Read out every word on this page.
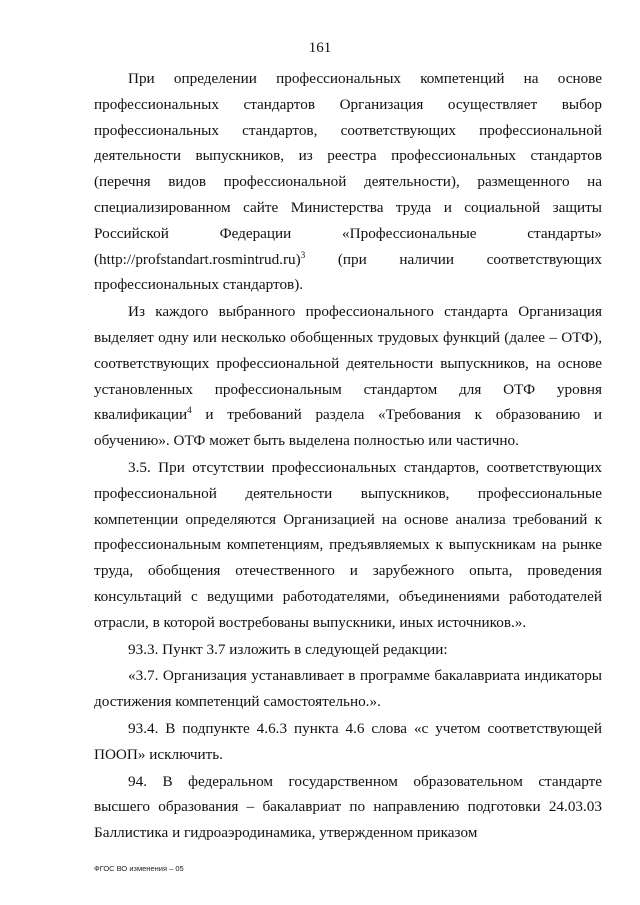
161

При определении профессиональных компетенций на основе профессиональных стандартов Организация осуществляет выбор профессиональных стандартов, соответствующих профессиональной деятельности выпускников, из реестра профессиональных стандартов (перечня видов профессиональной деятельности), размещенного на специализированном сайте Министерства труда и социальной защиты Российской Федерации «Профессиональные стандарты» (http://profstandart.rosmintrud.ru)$^3$ (при наличии соответствующих профессиональных стандартов).

Из каждого выбранного профессионального стандарта Организация выделяет одну или несколько обобщенных трудовых функций (далее – ОТФ), соответствующих профессиональной деятельности выпускников, на основе установленных профессиональным стандартом для ОТФ уровня квалификации$^4$ и требований раздела «Требования к образованию и обучению». ОТФ может быть выделена полностью или частично.

3.5. При отсутствии профессиональных стандартов, соответствующих профессиональной деятельности выпускников, профессиональные компетенции определяются Организацией на основе анализа требований к профессиональным компетенциям, предъявляемых к выпускникам на рынке труда, обобщения отечественного и зарубежного опыта, проведения консультаций с ведущими работодателями, объединениями работодателей отрасли, в которой востребованы выпускники, иных источников.».

93.3. Пункт 3.7 изложить в следующей редакции:

«3.7. Организация устанавливает в программе бакалавриата индикаторы достижения компетенций самостоятельно.».

93.4. В подпункте 4.6.3 пункта 4.6 слова «с учетом соответствующей ПООП» исключить.

94. В федеральном государственном образовательном стандарте высшего образования – бакалавриат по направлению подготовки 24.03.03 Баллистика и гидроаэродинамика, утвержденном приказом

ФГОС ВО изменения – 05
